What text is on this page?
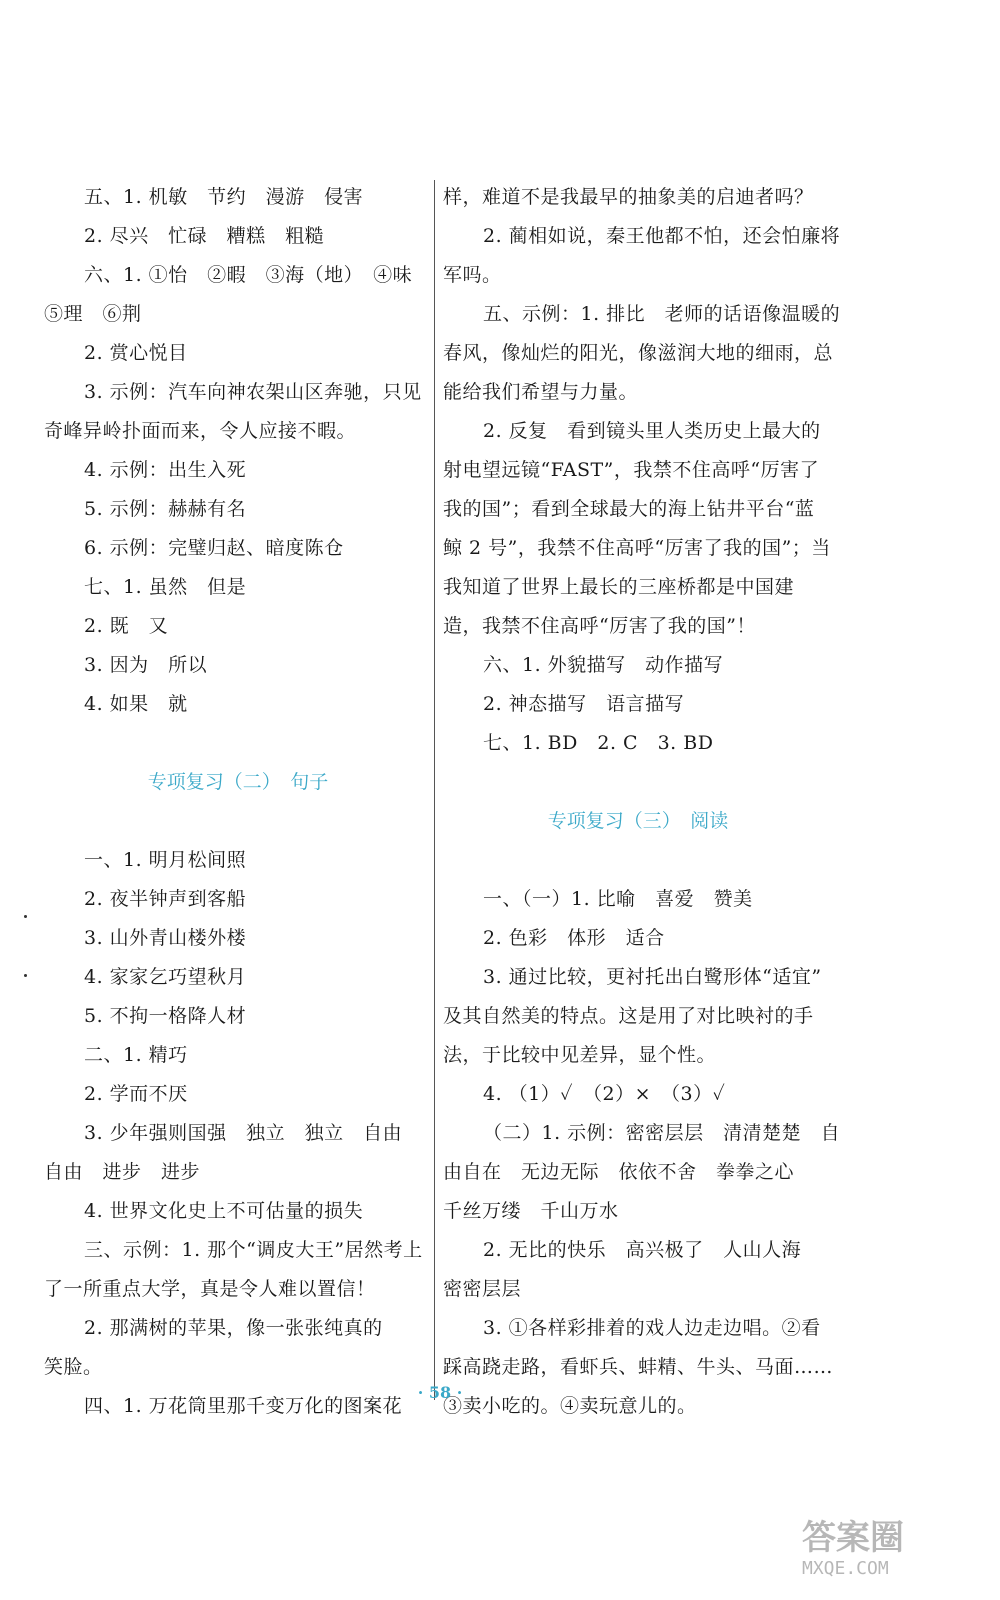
五、1. 机敏　节约　漫游　侵害
2. 尽兴　忙碌　糟糕　粗糙
六、1. ①怡　②暇　③海（地）　④味
⑤理　⑥荆
2. 赏心悦目
3. 示例：汽车向神农架山区奔驰，只见
奇峰异岭扑面而来，令人应接不暇。
4. 示例：出生入死
5. 示例：赫赫有名
6. 示例：完璧归赵、暗度陈仓
七、1. 虽然　但是
2. 既　又
3. 因为　所以
4. 如果　就
专项复习（二）　句子
一、1. 明月松间照
2. 夜半钟声到客船
3. 山外青山楼外楼
4. 家家乞巧望秋月
5. 不拘一格降人材
二、1. 精巧
2. 学而不厌
3. 少年强则国强　独立　独立　自由
自由　进步　进步
4. 世界文化史上不可估量的损失
三、示例：1. 那个“调皮大王”居然考上
了一所重点大学，真是令人难以置信！
2. 那满树的苹果，像一张张纯真的
笑脸。
四、1. 万花筒里那千变万化的图案花
样，难道不是我最早的抽象美的启迪者吗？
2. 蔺相如说，秦王他都不怕，还会怕廉将
军吗。
五、示例：1. 排比　老师的话语像温暖的
春风，像灿烂的阳光，像滋润大地的细雨，总
能给我们希望与力量。
2. 反复　看到镜头里人类历史上最大的
射电望远镜“FAST”，我禁不住高呼“厉害了
我的国”；看到全球最大的海上钻井平台“蓝
鲸 2 号”，我禁不住高呼“厉害了我的国”；当
我知道了世界上最长的三座桥都是中国建
造，我禁不住高呼“厉害了我的国”！
六、1. 外貌描写　动作描写
2. 神态描写　语言描写
七、1. BD　2. C　3. BD
专项复习（三）　阅读
一、（一）1. 比喻　喜爱　赞美
2. 色彩　体形　适合
3. 通过比较，更衬托出白鹭形体“适宜”
及其自然美的特点。这是用了对比映衬的手
法，于比较中见差异，显个性。
4. （1）✓　（2）×　（3）✓
（二）1. 示例：密密层层　清清楚楚　自
由自在　无边无际　依依不舍　拳拳之心
千丝万缕　千山万水
2. 无比的快乐　高兴极了　人山人海
密密层层
3. ①各样彩排着的戏人边走边唱。②看
踩高跷走路，看虾兵、蚌精、牛头、马面……
③卖小吃的。④卖玩意儿的。
· 58 ·
答案圈
MXQE.COM
